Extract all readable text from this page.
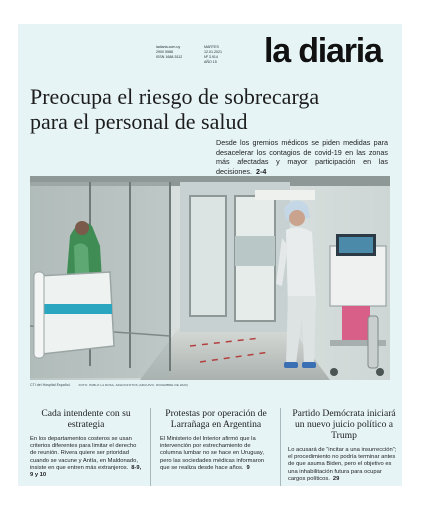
ladiaria.com.uy
2900 5988
ISSN 1688-5112
MARTES
12.01.2021
Nº 3.914
AÑO 15 la diaria
Preocupa el riesgo de sobrecarga
para el personal de salud
Desde los gremios médicos se piden medidas para desacelerar los contagios de covid-19 en las zonas más afectadas y mayor participación en las decisiones. 2-4
CTI del Hospital Español.	FOTO: PABLO LA ROSA, ADHOCFOTOS (ARCHIVO, DICIEMBRE DE 2020)
Cada intendente con su estrategia

En los departamentos costeros se usan criterios diferentes para limitar el derecho de reunión. Rivera quiere ser prioridad cuando se vacune y Antía, en Maldonado, insiste en que entren más extranjeros. 8-9, 9 y 10

Protestas por operación de Larrañaga en Argentina

El Ministerio del Interior afirmó que la intervención por estrechamiento de columna lumbar no se hace en Uruguay, pero las sociedades médicas informaron que se realiza desde hace años. 9

Partido Demócrata iniciará un nuevo juicio político a Trump

Lo acusará de “incitar a una insurrección”; el procedimiento no podría terminar antes de que asuma Biden, pero el objetivo es una inhabilitación futura para ocupar cargos políticos. 29
